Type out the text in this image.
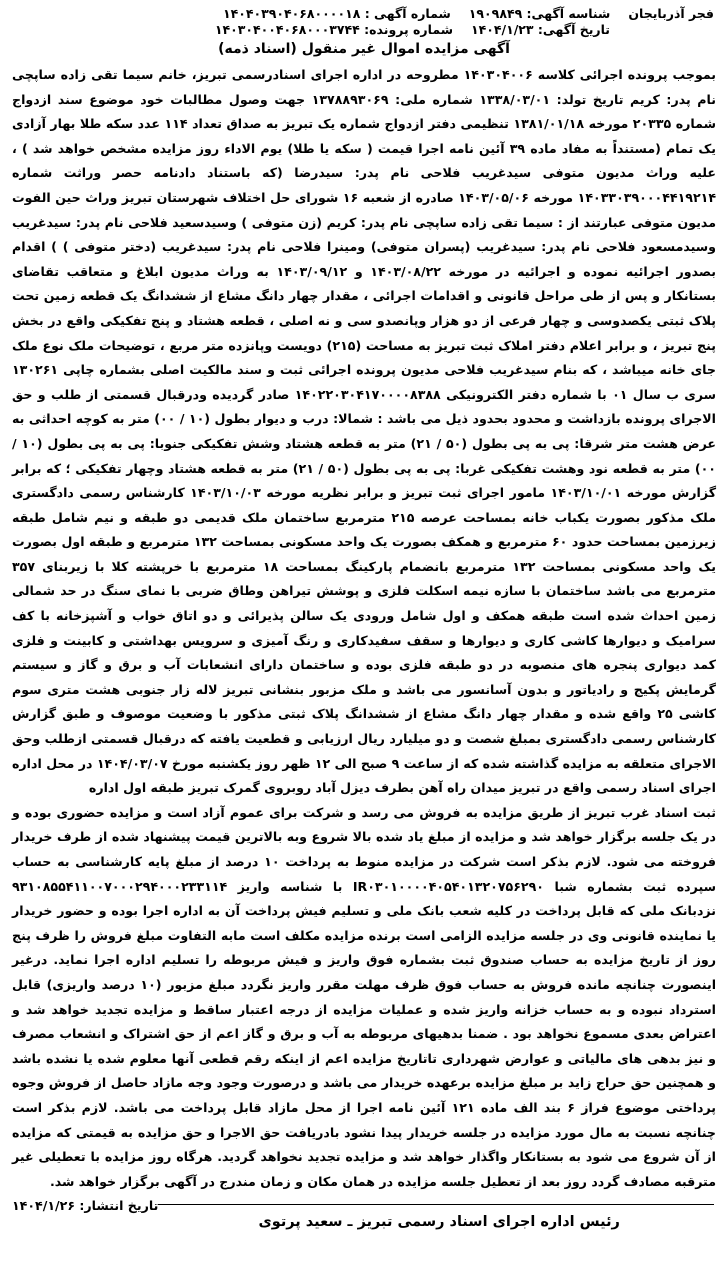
فجر آذربایجان
شناسه آگهی: ۱۹۰۹۸۴۹
شماره آگهی : ۱۴۰۴۰۳۹۰۴۰۶۸۰۰۰۰۱۸
تاریخ آگهی: ۱۴۰۴/۱/۲۳
شماره پرونده: ۱۴۰۳۰۴۰۰۴۰۶۸۰۰۰۳۷۴۴
آگهی مزایده اموال غیر منقول (اسناد ذمه)
بموجب پرونده اجرائی کلاسه ۱۴۰۳۰۴۰۰۶ مطروحه در اداره اجرای اسنادرسمی تبریز، خانم سیما تقی زاده ساپچی نام پدر: کریم تاریخ تولد: ۱۳۳۸/۰۳/۰۱ شماره ملی: ۱۳۷۸۸۹۳۰۶۹ جهت وصول مطالبات خود موضوع سند ازدواج شماره ۲۰۳۳۵ مورخه ۱۳۸۱/۰۱/۱۸ تنظیمی دفتر ازدواج شماره یک تبریز به صداق تعداد ۱۱۴ عدد سکه طلا بهار آزادی یک تمام (مستنداً به مفاد ماده ۳۹ آئین نامه اجرا قیمت ( سکه یا طلا) یوم الاداء روز مزایده مشخص خواهد شد ) ، علیه وراث مدیون متوفی سیدغریب فلاحی نام پدر: سیدرضا (که باستناد دادنامه حصر وراثت شماره ۱۴۰۳۳۰۳۹۰۰۰۴۴۱۹۲۱۴ مورخه ۱۴۰۳/۰۵/۰۶ صادره از شعبه ۱۶ شورای حل اختلاف شهرستان تبریز وراث حین الفوت مدیون متوفی عبارتند از : سیما تقی زاده ساپچی نام پدر: کریم (زن متوفی ) وسیدسعید فلاحی نام پدر: سیدغریب وسیدمسعود فلاحی نام پدر: سیدغریب (پسران متوفی) ومینرا فلاحی نام پدر: سیدغریب (دختر متوفی ) ) اقدام بصدور اجرائیه نموده و اجرائیه در مورخه ۱۴۰۳/۰۸/۲۲ و ۱۴۰۳/۰۹/۱۲ به وراث مدیون ابلاغ و متعاقب تقاضای بستانکار و پس از طی مراحل قانونی و اقدامات اجرائی ، مقدار چهار دانگ مشاع از ششدانگ یک قطعه زمین تحت پلاک ثبتی یکصدوسی و چهار فرعی از دو هزار وپانصدو سی و نه اصلی ، قطعه هشتاد و پنج تفکیکی واقع در بخش پنج تبریز ، و برابر اعلام دفتر املاک ثبت تبریز به مساحت (۲۱۵) دویست وپانزده متر مربع ، توضیحات ملک نوع ملک جای خانه میباشد ، که بنام سیدغریب فلاحی مدیون پرونده اجرائی ثبت و سند مالکیت اصلی بشماره چاپی ۱۳۰۲۶۱ سری ب سال ۰۱ با شماره دفتر الکترونیکی ۱۴۰۲۲۰۳۰۴۱۷۰۰۰۰۸۳۸۸ صادر گردیده ودرقبال قسمتی از طلب و حق الاجرای پرونده بازداشت و محدود بحدود ذیل می باشد : شمالا: درب و دیوار بطول (۱۰ / ۰۰) متر به کوچه احداثی به عرض هشت متر شرقا: پی به پی بطول (۵۰ / ۲۱) متر به قطعه هشتاد وشش تفکیکی جنوبا: پی به پی بطول (۱۰ / ۰۰) متر به قطعه نود وهشت تفکیکی غربا: پی به پی بطول (۵۰ / ۲۱) متر به قطعه هشتاد وچهار تفکیکی ؛ که برابر گزارش مورخه ۱۴۰۳/۱۰/۰۱ مامور اجرای ثبت تبریز و برابر نظریه مورخه ۱۴۰۳/۱۰/۰۳ کارشناس رسمی دادگستری ملک مذکور بصورت یکباب خانه بمساحت عرصه ۲۱۵ مترمربع ساختمان ملک قدیمی دو طبقه و نیم شامل طبقه زیرزمین بمساحت حدود ۶۰ مترمربع و همکف بصورت یک واحد مسکونی بمساحت ۱۳۲ مترمربع و طبقه اول بصورت یک واحد مسکونی بمساحت ۱۳۲ مترمربع بانضمام پارکینگ بمساحت ۱۸ مترمربع با خرپشته کلا با زیربنای ۳۵۷ مترمربع می باشد ساختمان با سازه نیمه اسکلت فلزی و پوشش تیراهن وطاق ضربی با نمای سنگ در حد شمالی زمین احداث شده است طبقه همکف و اول شامل ورودی یک سالن پذیرائی و دو اتاق خواب و آشپزخانه با کف سرامیک و دیوارها کاشی کاری و دیوارها و سقف سفیدکاری و رنگ آمیزی و سرویس بهداشتی و کابینت و فلزی کمد دیواری پنجره های منصوبه در دو طبقه فلزی بوده و ساختمان دارای انشعابات آب و برق و گاز و سیستم گرمایش پکیج و رادیاتور و بدون آسانسور می باشد و ملک مزبور بنشانی تبریز لاله زار جنوبی هشت متری سوم کاشی ۲۵ واقع شده و مقدار چهار دانگ مشاع از ششدانگ پلاک ثبتی مذکور با وضعیت موصوف و طبق گزارش کارشناس رسمی دادگستری بمبلغ شصت و دو میلیارد ریال ارزیابی و قطعیت یافته که درقبال قسمتی ازطلب وحق الاجرای متعلقه به مزایده گذاشته شده که از ساعت ۹ صبح الی ۱۲ ظهر روز یکشنبه مورخ ۱۴۰۴/۰۳/۰۷ در محل اداره اجرای اسناد رسمی واقع در تبریز میدان راه آهن بطرف دیزل آباد روبروی گمرک تبریز طبقه اول اداره
ثبت اسناد غرب تبریز از طریق مزایده به فروش می رسد و شرکت برای عموم آزاد است و مزایده حضوری بوده و در یک جلسه برگزار خواهد شد و مزایده از مبلغ یاد شده بالا شروع وبه بالاترین قیمت پیشنهاد شده از طرف خریدار فروخته می شود. لازم بذکر است شرکت در مزایده منوط به پرداخت ۱۰ درصد از مبلغ پایه کارشناسی به حساب سپرده ثبت بشماره شبا IR۰۳۰۱۰۰۰۰۴۰۵۴۰۱۳۲۰۷۵۶۲۹۰ با شناسه واریز ۹۳۱۰۸۵۵۴۱۱۰۰۷۰۰۰۲۹۴۰۰۰۲۳۳۱۱۴ نزدبانک ملی که قابل پرداخت در کلیه شعب بانک ملی و تسلیم فیش پرداخت آن به اداره اجرا بوده و حضور خریدار یا نماینده قانونی وی در جلسه مزایده الزامی است برنده مزایده مکلف است مابه التفاوت مبلغ فروش را ظرف پنج روز از تاریخ مزایده به حساب صندوق ثبت بشماره فوق واریز و فیش مربوطه را تسلیم اداره اجرا نماید. درغیر اینصورت چنانچه مانده فروش به حساب فوق ظرف مهلت مقرر واریز نگردد مبلغ مزبور (۱۰ درصد واریزی) قابل استرداد نبوده و به حساب خزانه واریز شده و عملیات مزایده از درجه اعتبار ساقط و مزایده تجدید خواهد شد و اعتراض بعدی مسموع نخواهد بود . ضمنا بدهیهای مربوطه به آب و برق و گاز اعم از حق اشتراک و انشعاب مصرف و نیز بدهی های مالیاتی و عوارض شهرداری تاتاریخ مزایده اعم از اینکه رقم قطعی آنها معلوم شده یا نشده باشد و همچنین حق حراج زاید بر مبلغ مزایده برعهده خریدار می باشد و درصورت وجود وجه مازاد حاصل از فروش وجوه پرداختی موضوع فراز ۶ بند الف ماده ۱۲۱ آئین نامه اجرا از محل مازاد قابل پرداخت می باشد. لازم بذکر است چنانچه نسبت به مال مورد مزایده در جلسه خریدار پیدا نشود بادریافت حق الاجرا و حق مزایده به قیمتی که مزایده از آن شروع می شود به بستانکار واگذار خواهد شد و مزایده تجدید نخواهد گردید. هرگاه روز مزایده با تعطیلی غیر مترقبه مصادف گردد روز بعد از تعطیل جلسه مزایده در همان مکان و زمان مندرج در آگهی برگزار خواهد شد.
تاریخ انتشار: ۱۴۰۴/۱/۲۶
رئیس اداره اجرای اسناد رسمی تبریز ـ سعید پرتوی
